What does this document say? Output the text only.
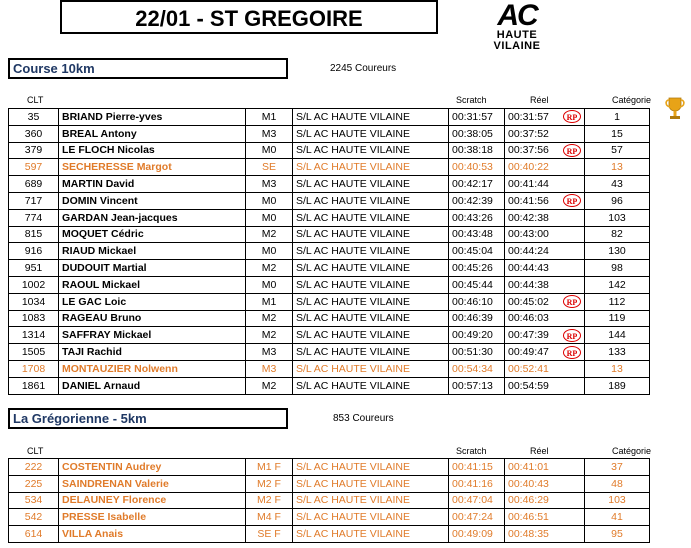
22/01 - ST GREGOIRE	AC
HAUTE
VILAINE
Course 10km	2245 Coureurs
CLT	Scratch	Réel	Catégorie
35	BRIAND Pierre-yves	M1	S/L AC HAUTE VILAINE	00:31:57	00:31:57	RP	1
360	BREAL Antony	M3	S/L AC HAUTE VILAINE	00:38:05	00:37:52		15
379	LE FLOCH Nicolas	M0	S/L AC HAUTE VILAINE	00:38:18	00:37:56	RP	57
597	SECHERESSE Margot	SE	S/L AC HAUTE VILAINE	00:40:53	00:40:22		13
689	MARTIN David	M3	S/L AC HAUTE VILAINE	00:42:17	00:41:44		43
717	DOMIN Vincent	M0	S/L AC HAUTE VILAINE	00:42:39	00:41:56	RP	96
774	GARDAN Jean-jacques	M0	S/L AC HAUTE VILAINE	00:43:26	00:42:38		103
815	MOQUET Cédric	M2	S/L AC HAUTE VILAINE	00:43:48	00:43:00		82
916	RIAUD Mickael	M0	S/L AC HAUTE VILAINE	00:45:04	00:44:24		130
951	DUDOUIT Martial	M2	S/L AC HAUTE VILAINE	00:45:26	00:44:43		98
1002	RAOUL Mickael	M0	S/L AC HAUTE VILAINE	00:45:44	00:44:38		142
1034	LE GAC Loic	M1	S/L AC HAUTE VILAINE	00:46:10	00:45:02	RP	112
1083	RAGEAU Bruno	M2	S/L AC HAUTE VILAINE	00:46:39	00:46:03		119
1314	SAFFRAY Mickael	M2	S/L AC HAUTE VILAINE	00:49:20	00:47:39	RP	144
1505	TAJI Rachid	M3	S/L AC HAUTE VILAINE	00:51:30	00:49:47	RP	133
1708	MONTAUZIER Nolwenn	M3	S/L AC HAUTE VILAINE	00:54:34	00:52:41		13
1861	DANIEL Arnaud	M2	S/L AC HAUTE VILAINE	00:57:13	00:54:59		189
La Grégorienne - 5km	853 Coureurs
CLT	Scratch	Réel	Catégorie
222	COSTENTIN Audrey	M1 F	S/L AC HAUTE VILAINE	00:41:15	00:41:01		37
225	SAINDRENAN Valerie	M2 F	S/L AC HAUTE VILAINE	00:41:16	00:40:43		48
534	DELAUNEY Florence	M2 F	S/L AC HAUTE VILAINE	00:47:04	00:46:29		103
542	PRESSE Isabelle	M4 F	S/L AC HAUTE VILAINE	00:47:24	00:46:51		41
614	VILLA Anais	SE F	S/L AC HAUTE VILAINE	00:49:09	00:48:35		95
